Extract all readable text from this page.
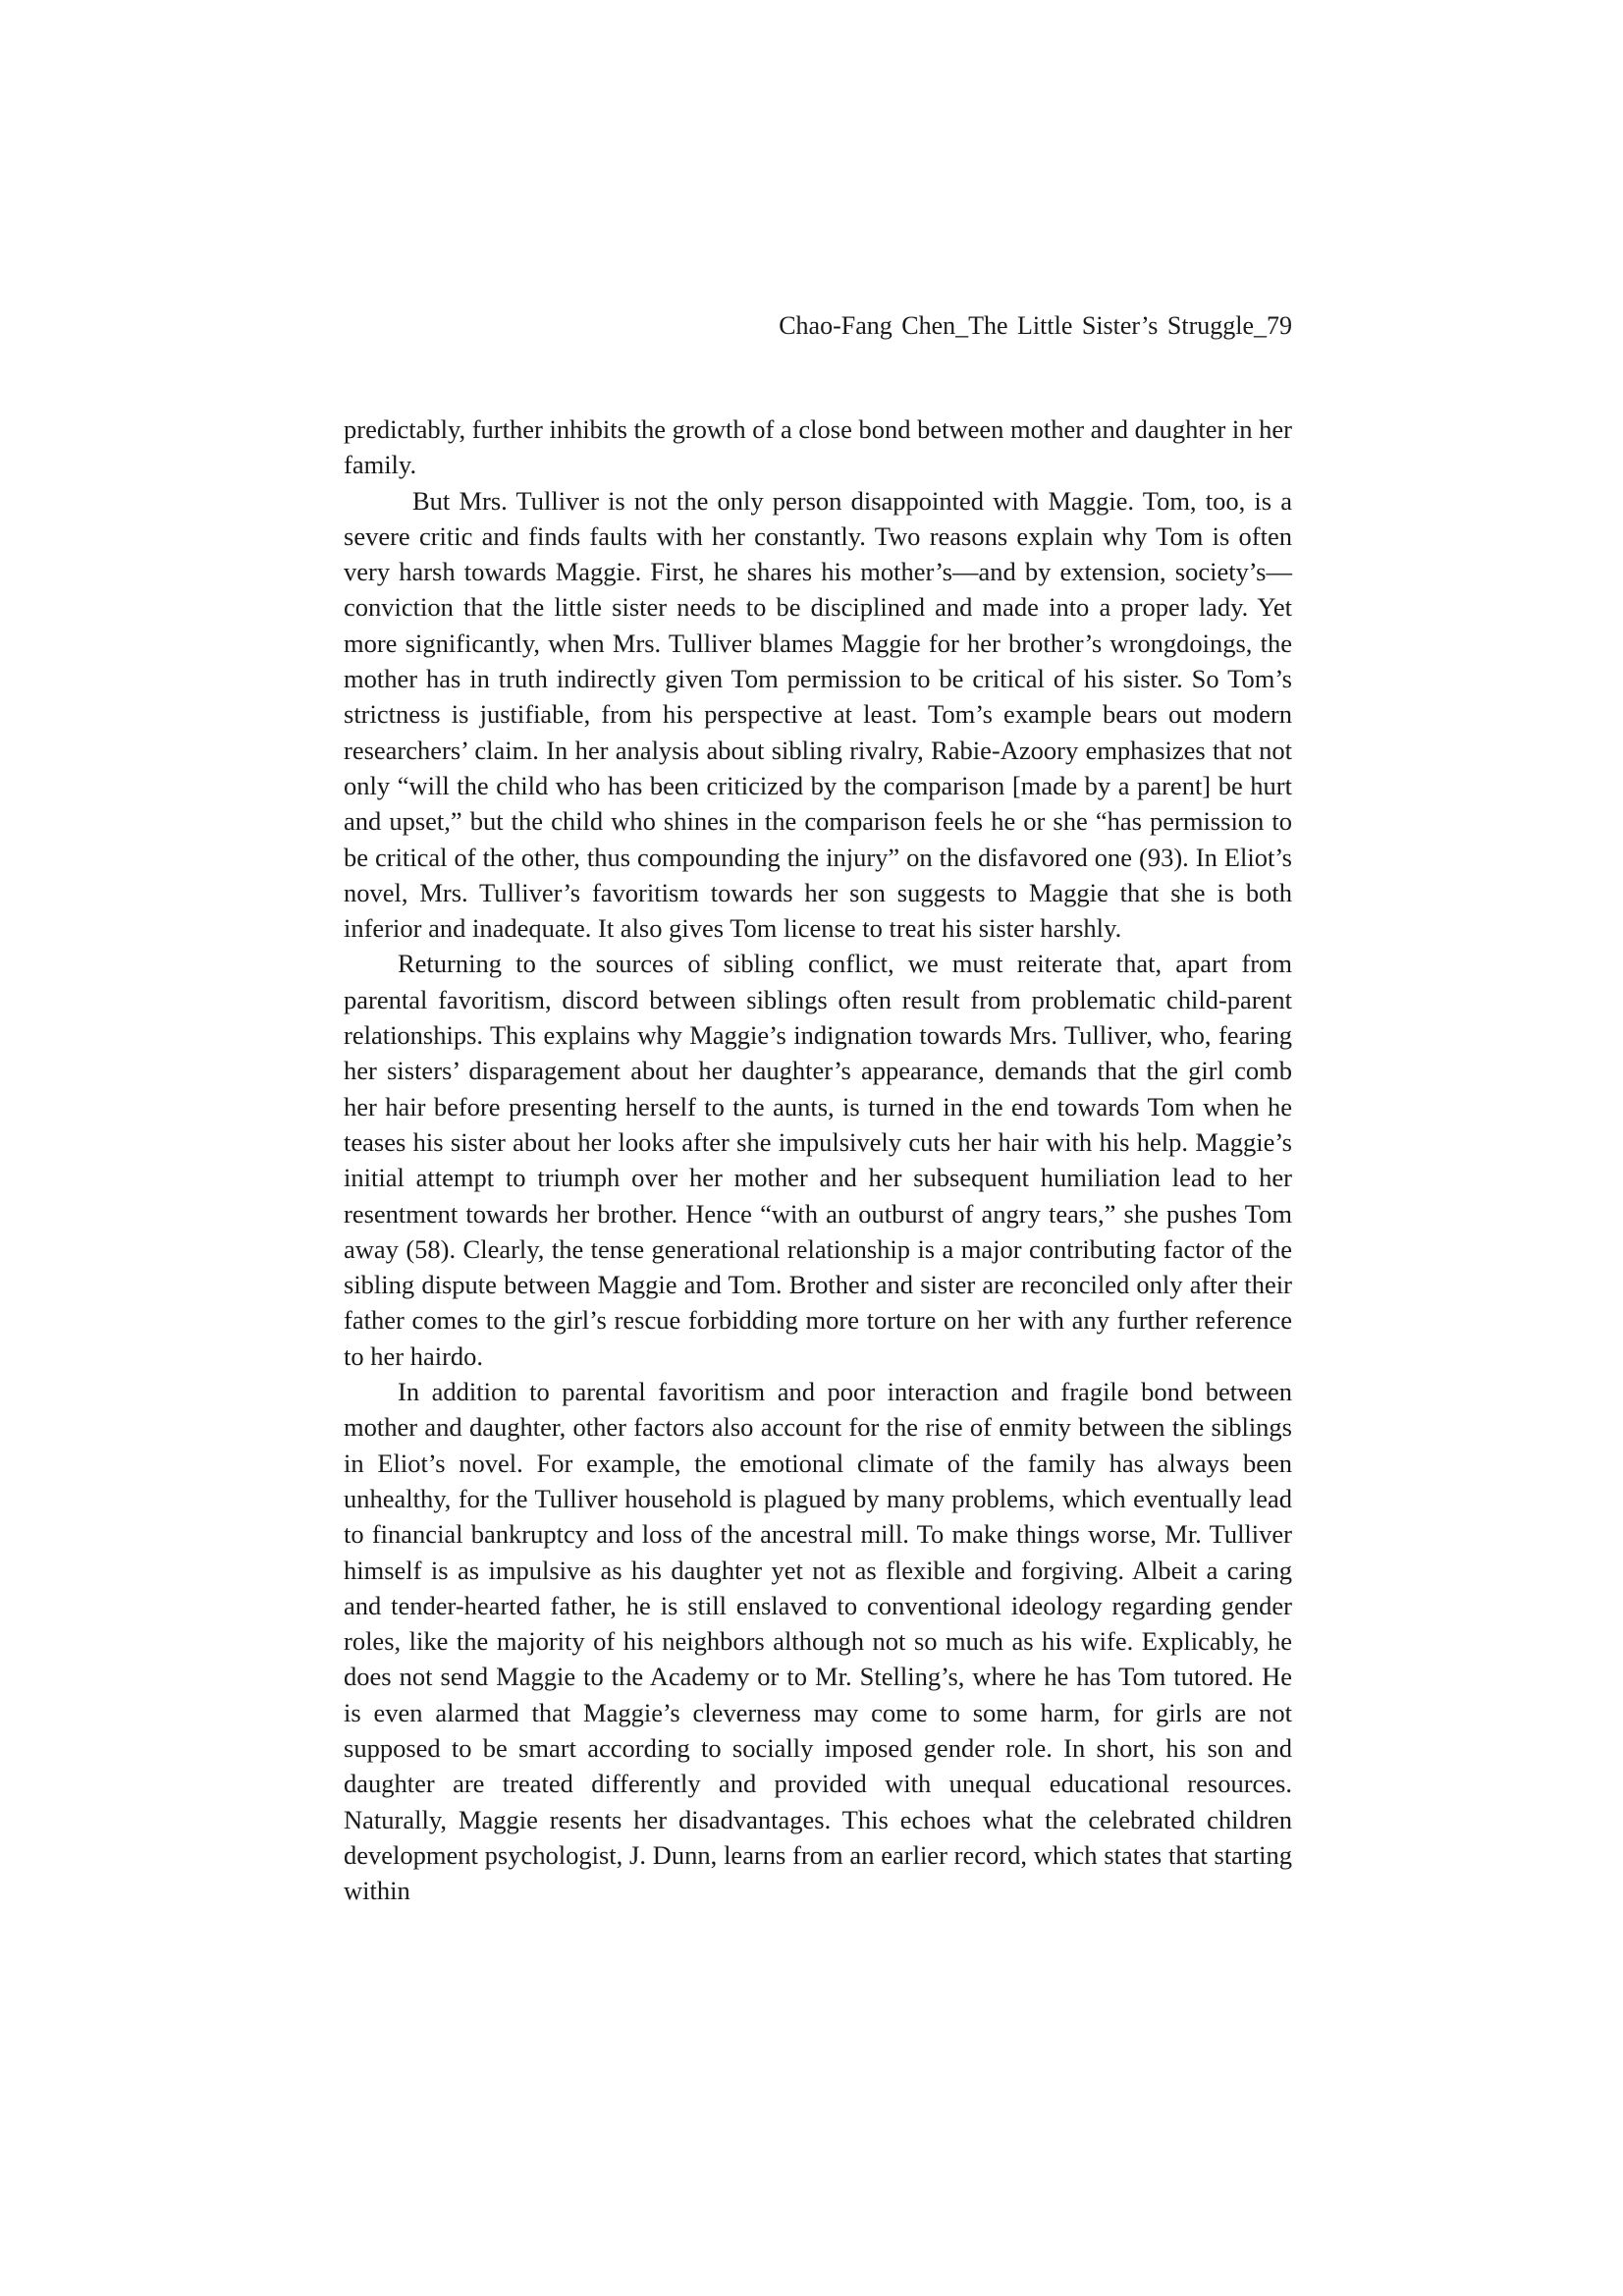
Chao-Fang Chen_The Little Sister’s Struggle_79

predictably, further inhibits the growth of a close bond between mother and daughter in her family.

But Mrs. Tulliver is not the only person disappointed with Maggie. Tom, too, is a severe critic and finds faults with her constantly. Two reasons explain why Tom is often very harsh towards Maggie. First, he shares his mother’s—and by extension, society’s—conviction that the little sister needs to be disciplined and made into a proper lady. Yet more significantly, when Mrs. Tulliver blames Maggie for her brother’s wrongdoings, the mother has in truth indirectly given Tom permission to be critical of his sister. So Tom’s strictness is justifiable, from his perspective at least. Tom’s example bears out modern researchers’ claim. In her analysis about sibling rivalry, Rabie-Azoory emphasizes that not only “will the child who has been criticized by the comparison [made by a parent] be hurt and upset,” but the child who shines in the comparison feels he or she “has permission to be critical of the other, thus compounding the injury” on the disfavored one (93). In Eliot’s novel, Mrs. Tulliver’s favoritism towards her son suggests to Maggie that she is both inferior and inadequate. It also gives Tom license to treat his sister harshly.

Returning to the sources of sibling conflict, we must reiterate that, apart from parental favoritism, discord between siblings often result from problematic child-parent relationships. This explains why Maggie’s indignation towards Mrs. Tulliver, who, fearing her sisters’ disparagement about her daughter’s appearance, demands that the girl comb her hair before presenting herself to the aunts, is turned in the end towards Tom when he teases his sister about her looks after she impulsively cuts her hair with his help. Maggie’s initial attempt to triumph over her mother and her subsequent humiliation lead to her resentment towards her brother. Hence “with an outburst of angry tears,” she pushes Tom away (58). Clearly, the tense generational relationship is a major contributing factor of the sibling dispute between Maggie and Tom. Brother and sister are reconciled only after their father comes to the girl’s rescue forbidding more torture on her with any further reference to her hairdo.

In addition to parental favoritism and poor interaction and fragile bond between mother and daughter, other factors also account for the rise of enmity between the siblings in Eliot’s novel. For example, the emotional climate of the family has always been unhealthy, for the Tulliver household is plagued by many problems, which eventually lead to financial bankruptcy and loss of the ancestral mill. To make things worse, Mr. Tulliver himself is as impulsive as his daughter yet not as flexible and forgiving. Albeit a caring and tender-hearted father, he is still enslaved to conventional ideology regarding gender roles, like the majority of his neighbors although not so much as his wife. Explicably, he does not send Maggie to the Academy or to Mr. Stelling’s, where he has Tom tutored. He is even alarmed that Maggie’s cleverness may come to some harm, for girls are not supposed to be smart according to socially imposed gender role. In short, his son and daughter are treated differently and provided with unequal educational resources. Naturally, Maggie resents her disadvantages. This echoes what the celebrated children development psychologist, J. Dunn, learns from an earlier record, which states that starting within
